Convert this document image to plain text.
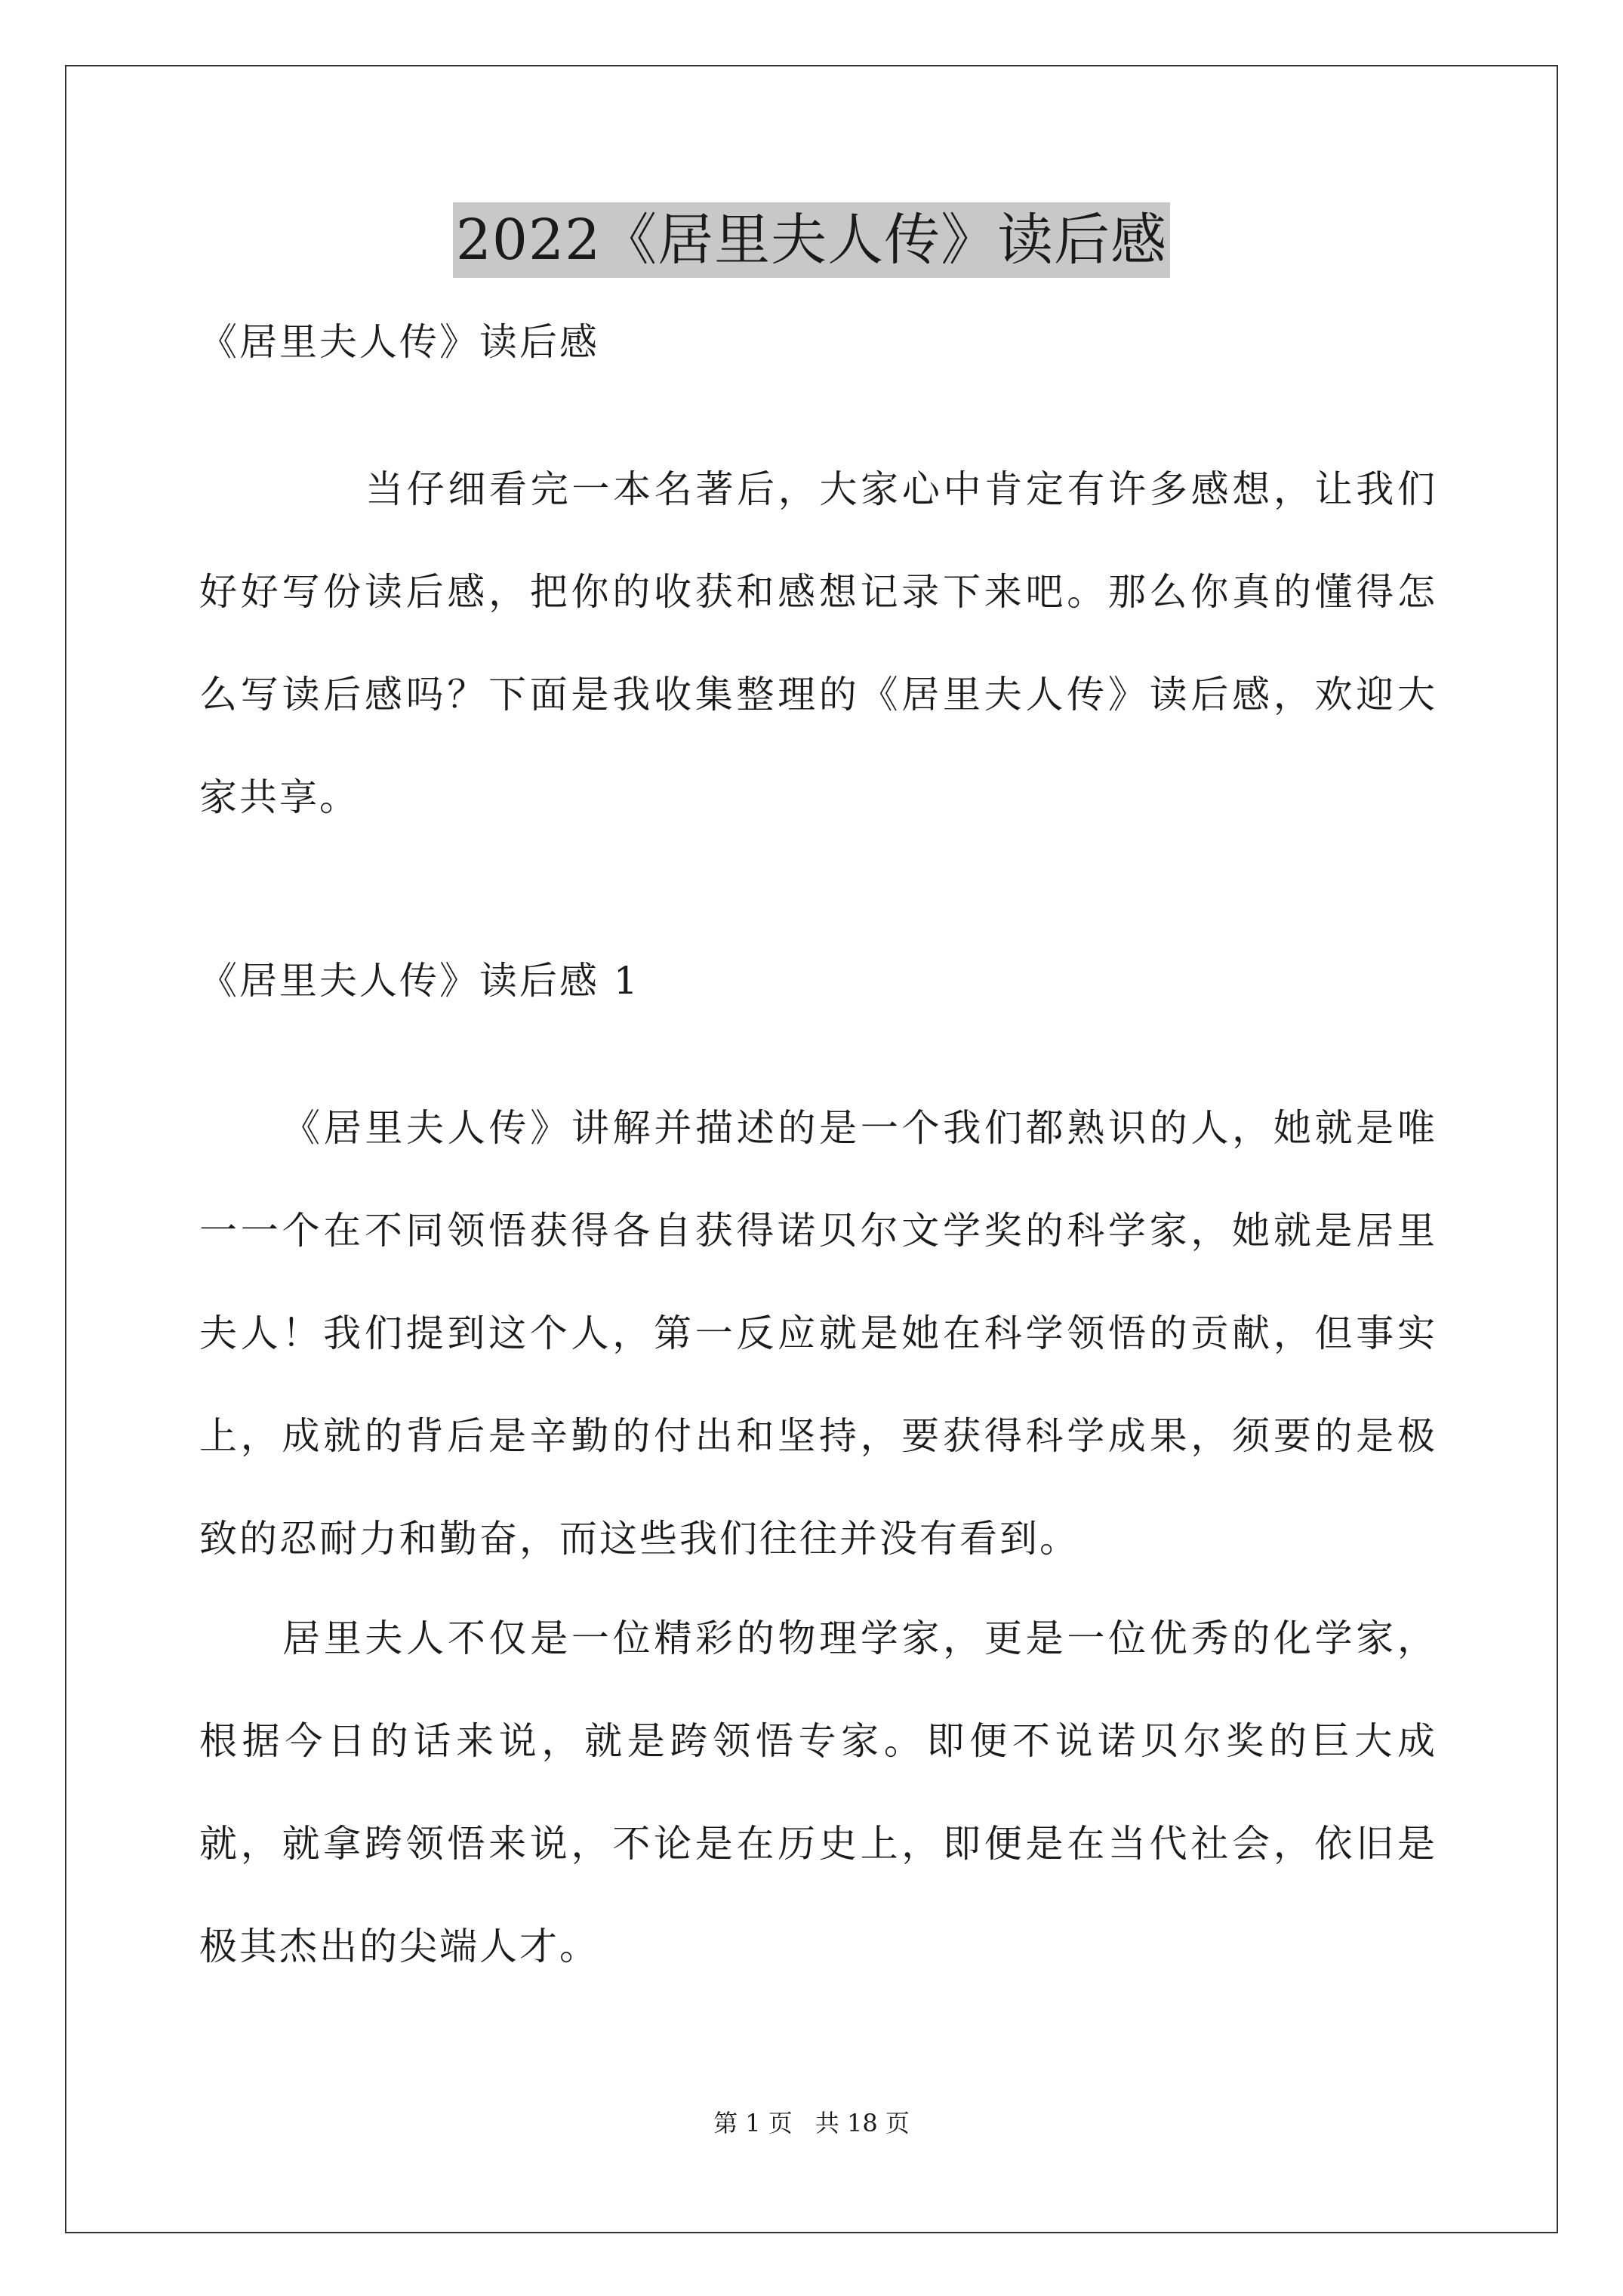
2022《居里夫人传》读后感
《居里夫人传》读后感
当仔细看完一本名著后，大家心中肯定有许多感想，让我们好好写份读后感，把你的收获和感想记录下来吧。那么你真的懂得怎么写读后感吗？下面是我收集整理的《居里夫人传》读后感，欢迎大家共享。
《居里夫人传》读后感 1
《居里夫人传》讲解并描述的是一个我们都熟识的人，她就是唯一一个在不同领悟获得各自获得诺贝尔文学奖的科学家，她就是居里夫人！我们提到这个人，第一反应就是她在科学领悟的贡献，但事实上，成就的背后是辛勤的付出和坚持，要获得科学成果，须要的是极致的忍耐力和勤奋，而这些我们往往并没有看到。
居里夫人不仅是一位精彩的物理学家，更是一位优秀的化学家，根据今日的话来说，就是跨领悟专家。即便不说诺贝尔奖的巨大成就，就拿跨领悟来说，不论是在历史上，即便是在当代社会，依旧是极其杰出的尖端人才。
第 1 页 共 18 页
